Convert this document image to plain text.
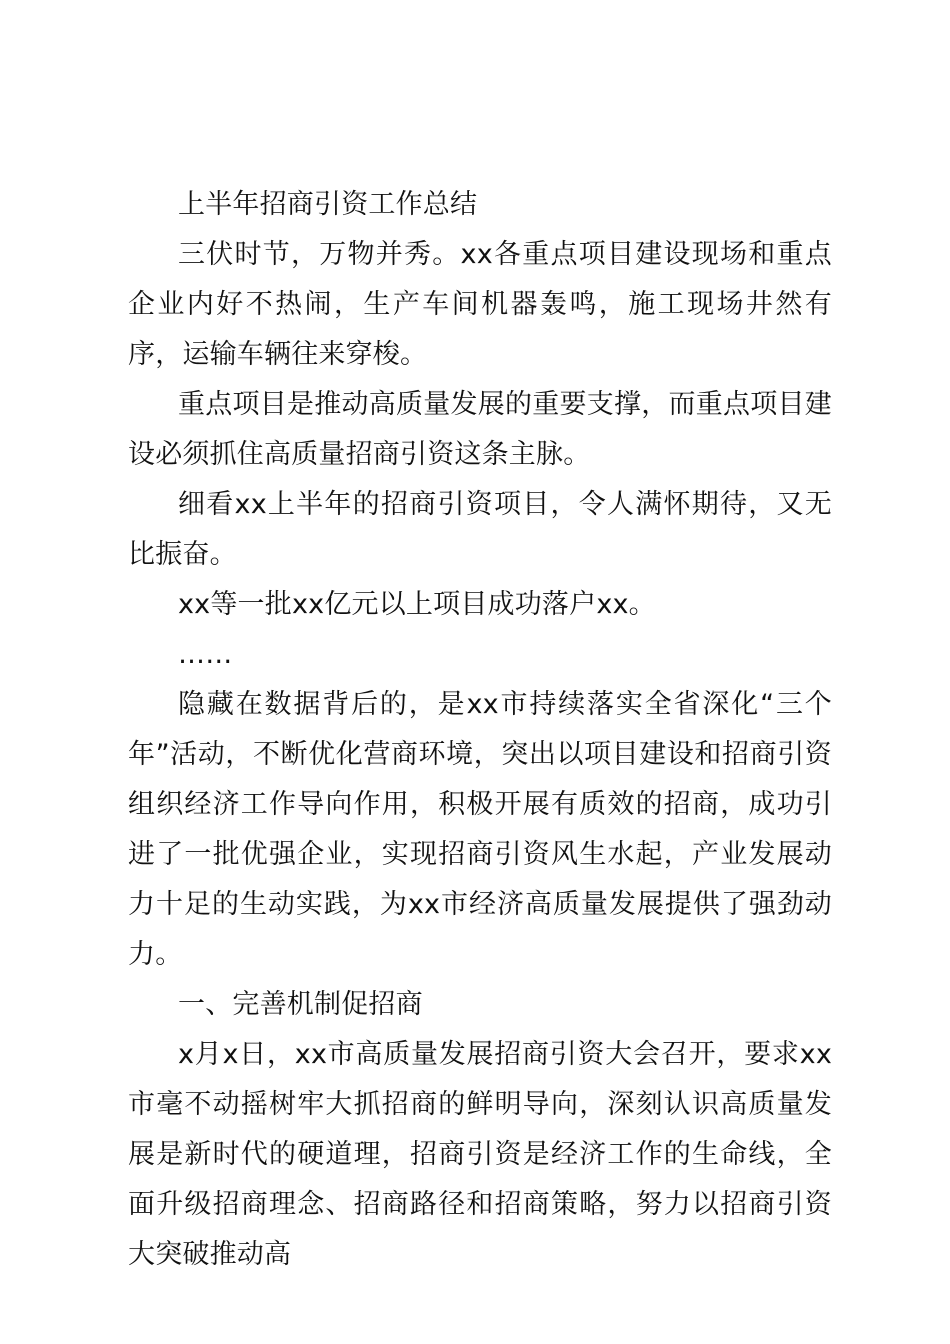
上半年招商引资工作总结

三伏时节，万物并秀。xx各重点项目建设现场和重点企业内好不热闹，生产车间机器轰鸣，施工现场井然有序，运输车辆往来穿梭。

重点项目是推动高质量发展的重要支撑，而重点项目建设必须抓住高质量招商引资这条主脉。

细看xx上半年的招商引资项目，令人满怀期待，又无比振奋。

xx等一批xx亿元以上项目成功落户xx。

……

隐藏在数据背后的，是xx市持续落实全省深化“三个年”活动，不断优化营商环境，突出以项目建设和招商引资组织经济工作导向作用，积极开展有质效的招商，成功引进了一批优强企业，实现招商引资风生水起，产业发展动力十足的生动实践，为xx市经济高质量发展提供了强劲动力。

一、完善机制促招商

x月x日，xx市高质量发展招商引资大会召开，要求xx市毫不动摇树牢大抓招商的鲜明导向，深刻认识高质量发展是新时代的硬道理，招商引资是经济工作的生命线，全面升级招商理念、招商路径和招商策略，努力以招商引资大突破推动高
